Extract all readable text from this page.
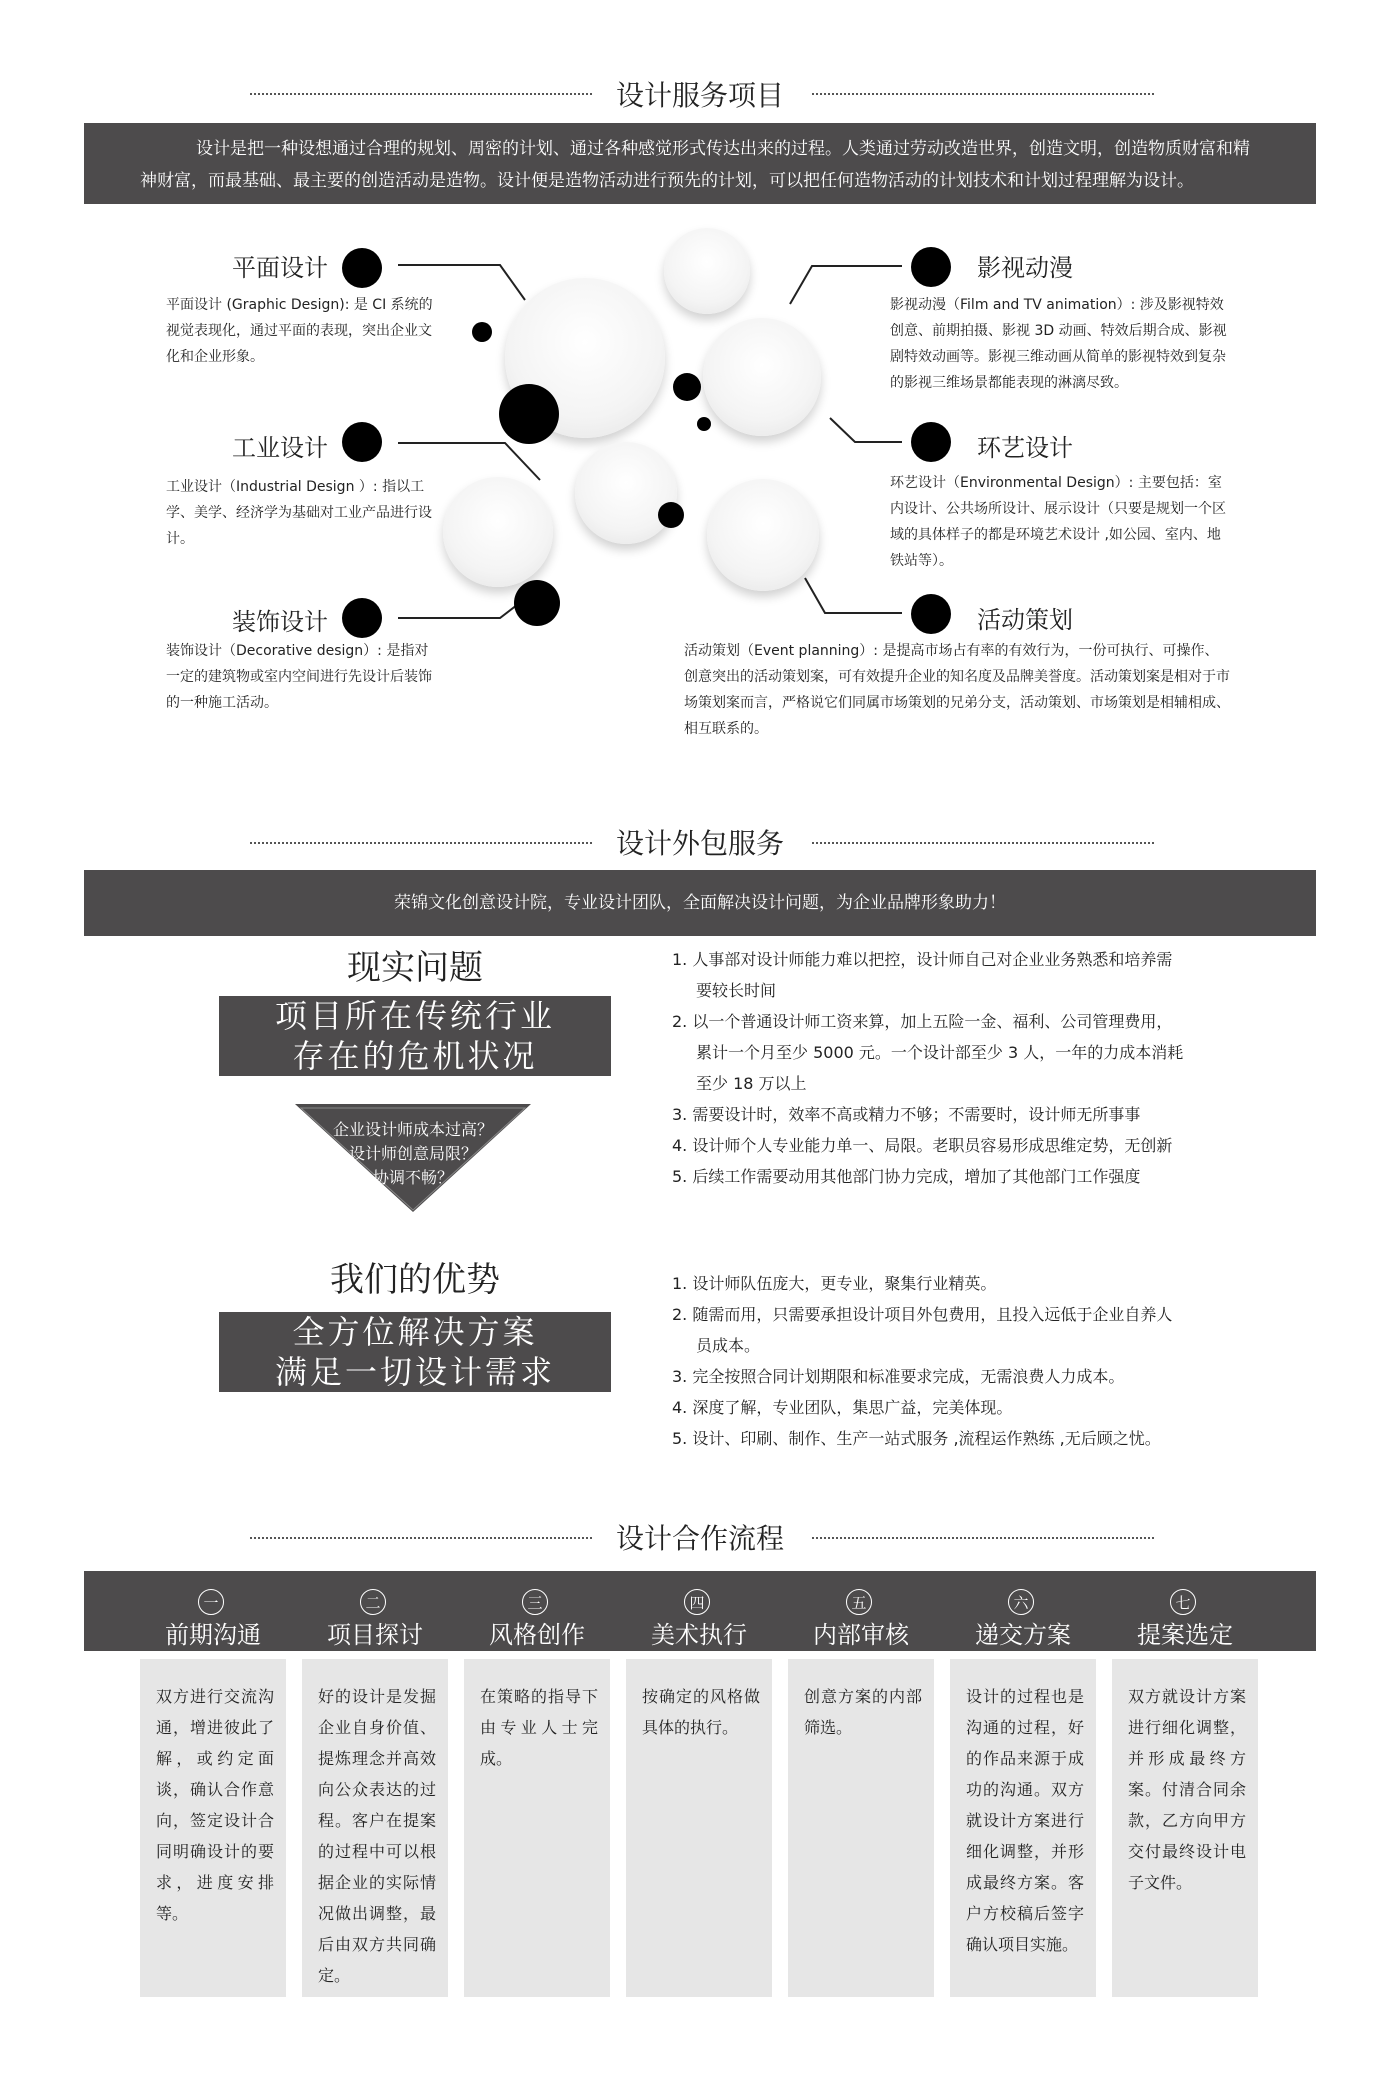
设计服务项目

设计是把一种设想通过合理的规划、周密的计划、通过各种感觉形式传达出来的过程。人类通过劳动改造世界，创造文明，创造物质财富和精神财富，而最基础、最主要的创造活动是造物。设计便是造物活动进行预先的计划，可以把任何造物活动的计划技术和计划过程理解为设计。

平面设计
平面设计 (Graphic Design): 是 CI 系统的视觉表现化，通过平面的表现，突出企业文化和企业形象。
工业设计
工业设计（Industrial Design ）: 指以工学、美学、经济学为基础对工业产品进行设计。
装饰设计
装饰设计（Decorative design）: 是指对一定的建筑物或室内空间进行先设计后装饰的一种施工活动。
影视动漫
影视动漫（Film and TV animation）: 涉及影视特效创意、前期拍摄、影视 3D 动画、特效后期合成、影视剧特效动画等。影视三维动画从简单的影视特效到复杂的影视三维场景都能表现的淋漓尽致。
环艺设计
环艺设计（Environmental Design）: 主要包括：室内设计、公共场所设计、展示设计（只要是规划一个区域的具体样子的都是环境艺术设计 ,如公园、室内、地铁站等）。
活动策划
活动策划（Event planning）: 是提高市场占有率的有效行为，一份可执行、可操作、创意突出的活动策划案，可有效提升企业的知名度及品牌美誉度。活动策划案是相对于市场策划案而言，严格说它们同属市场策划的兄弟分支，活动策划、市场策划是相辅相成、相互联系的。
设计外包服务
荣锦文化创意设计院，专业设计团队，全面解决设计问题，为企业品牌形象助力！
现实问题
项目所在传统行业
存在的危机状况
企业设计师成本过高？
设计师创意局限？
协调不畅？
我们的优势
全方位解决方案
满足一切设计需求
1. 人事部对设计师能力难以把控，设计师自己对企业业务熟悉和培养需要较长时间
2. 以一个普通设计师工资来算，加上五险一金、福利、公司管理费用，累计一个月至少 5000 元。一个设计部至少 3 人，一年的力成本消耗至少 18 万以上
3. 需要设计时，效率不高或精力不够；不需要时，设计师无所事事
4. 设计师个人专业能力单一、局限。老职员容易形成思维定势，无创新
5. 后续工作需要动用其他部门协力完成，增加了其他部门工作强度
1. 设计师队伍庞大，更专业，聚集行业精英。
2. 随需而用，只需要承担设计项目外包费用，且投入远低于企业自养人员成本。
3. 完全按照合同计划期限和标准要求完成，无需浪费人力成本。
4. 深度了解，专业团队，集思广益，完美体现。
5. 设计、印刷、制作、生产一站式服务 ,流程运作熟练 ,无后顾之忧。
设计合作流程
一
前期沟通
二
项目探讨
三
风格创作
四
美术执行
五
内部审核
六
递交方案
七
提案选定
双方进行交流沟通，增进彼此了解，或约定面谈，确认合作意向，签定设计合同明确设计的要求，进度安排等。
好的设计是发掘企业自身价值、提炼理念并高效向公众表达的过程。客户在提案的过程中可以根据企业的实际情况做出调整，最后由双方共同确定。
在策略的指导下由专业人士完成。
按确定的风格做具体的执行。
创意方案的内部筛选。
设计的过程也是沟通的过程，好的作品来源于成功的沟通。双方就设计方案进行细化调整，并形成最终方案。客户方校稿后签字确认项目实施。
双方就设计方案进行细化调整，并形成最终方案。付清合同余款，乙方向甲方交付最终设计电子文件。
